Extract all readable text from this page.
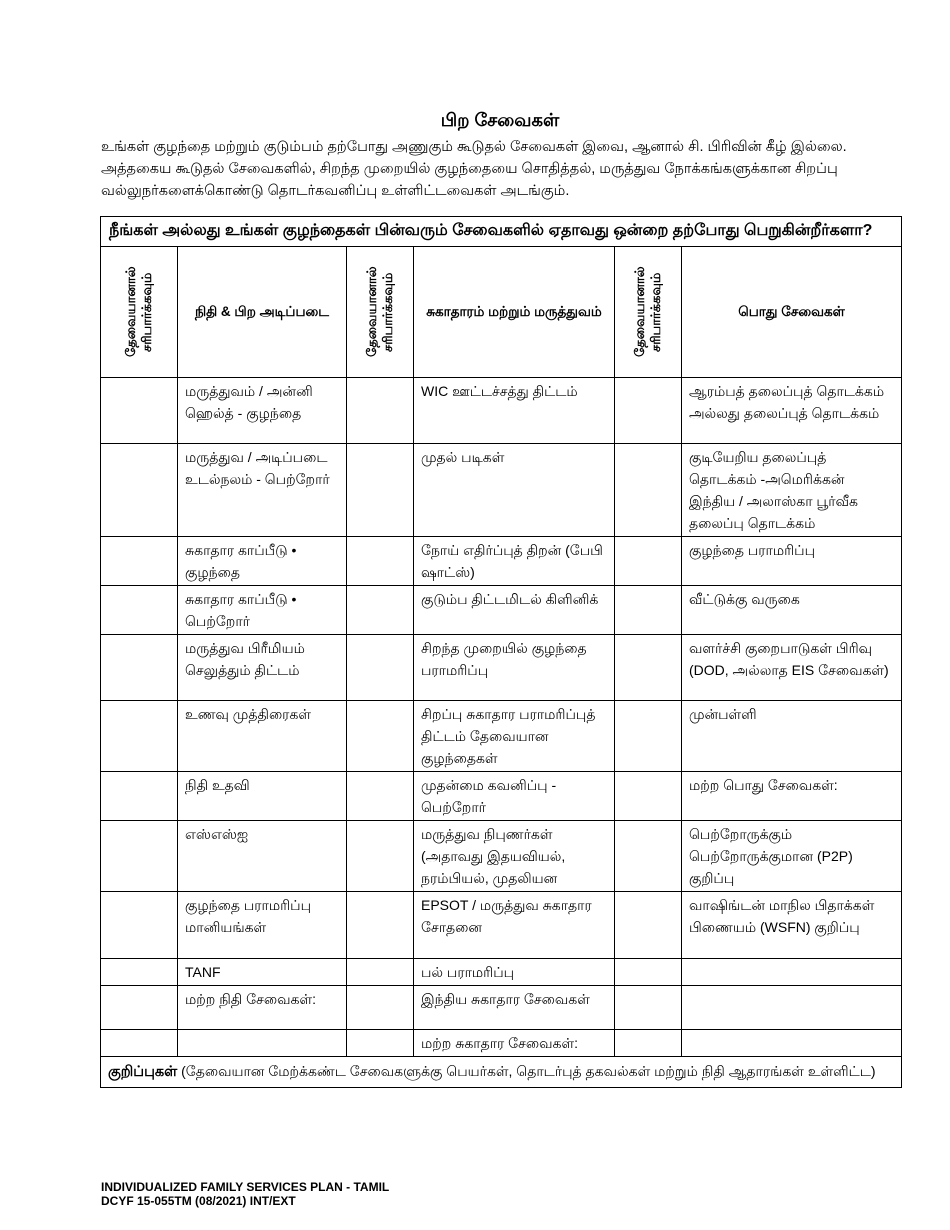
பிற சேவைகள்
உங்கள் குழந்தை மற்றும் குடும்பம் தற்போது அணுகும் கூடுதல் சேவைகள் இவை, ஆனால் சி. பிரிவின் கீழ் இல்லை. அத்தகைய கூடுதல் சேவைகளில், சிறந்த முறையில் குழந்தையை சொதித்தல், மருத்துவ நோக்கங்களுக்கான சிறப்பு வல்லுநர்களைக்கொண்டு தொடர்கவனிப்பு உள்ளிட்டவைகள் அடங்கும்.
நீங்கள் அல்லது உங்கள் குழந்தைகள் பின்வரும் சேவைகளில் ஏதாவது ஒன்றை தற்போது பெறுகின்றீர்களா?					

தேவையானால் சரிபார்க்கவும்	நிதி & பிற அடிப்படை	தேவையானால் சரிபார்க்கவும்	சுகாதாரம் மற்றும் மருத்துவம்	தேவையானால் சரிபார்க்கவும்	பொது சேவைகள்
	மருத்துவம் / அன்னி ஹெல்த் - குழந்தை		WIC ஊட்டச்சத்து திட்டம்		ஆரம்பத் தலைப்புத் தொடக்கம் அல்லது தலைப்புத் தொடக்கம்
	மருத்துவ / அடிப்படை உடல்நலம் - பெற்றோர்		முதல் படிகள்		குடியேறிய தலைப்புத் தொடக்கம் -அமெரிக்கன் இந்திய / அலாஸ்கா பூர்வீக தலைப்பு தொடக்கம்
	சுகாதார காப்பீடு • குழந்தை		நோய் எதிர்ப்புத் திறன் (பேபி ஷாட்ஸ்)		குழந்தை பராமரிப்பு
	சுகாதார காப்பீடு • பெற்றோர்		குடும்ப திட்டமிடல் கிளினிக்		வீட்டுக்கு வருகை
	மருத்துவ பிரீமியம் செலுத்தும் திட்டம்		சிறந்த முறையில் குழந்தை பராமரிப்பு		வளர்ச்சி குறைபாடுகள் பிரிவு (DOD, அல்லாத EIS சேவைகள்)
	உணவு முத்திரைகள்		சிறப்பு சுகாதார பராமரிப்புத் திட்டம் தேவையான குழந்தைகள்		முன்பள்ளி
	நிதி உதவி		முதன்மை கவனிப்பு - பெற்றோர்		மற்ற பொது சேவைகள்:
	எஸ்எஸ்ஐ		மருத்துவ நிபுணர்கள் (அதாவது இதயவியல், நரம்பியல், முதலியன		பெற்றோருக்கும் பெற்றோருக்குமான (P2P) குறிப்பு
	குழந்தை பராமரிப்பு மானியங்கள்		EPSOT / மருத்துவ சுகாதார சோதனை		வாஷிங்டன் மாநில பிதாக்கள் பிணையம் (WSFN) குறிப்பு
	TANF		பல் பராமரிப்பு		
	மற்ற நிதி சேவைகள்:		இந்திய சுகாதார சேவைகள்		
			மற்ற சுகாதார சேவைகள்:		
குறிப்புகள் (தேவையான மேற்க்கண்ட சேவைகளுக்கு பெயர்கள், தொடர்புத் தகவல்கள் மற்றும் நிதி ஆதாரங்கள் உள்ளிட்ட)					
INDIVIDUALIZED FAMILY SERVICES PLAN - TAMIL
DCYF 15-055TM (08/2021) INT/EXT
